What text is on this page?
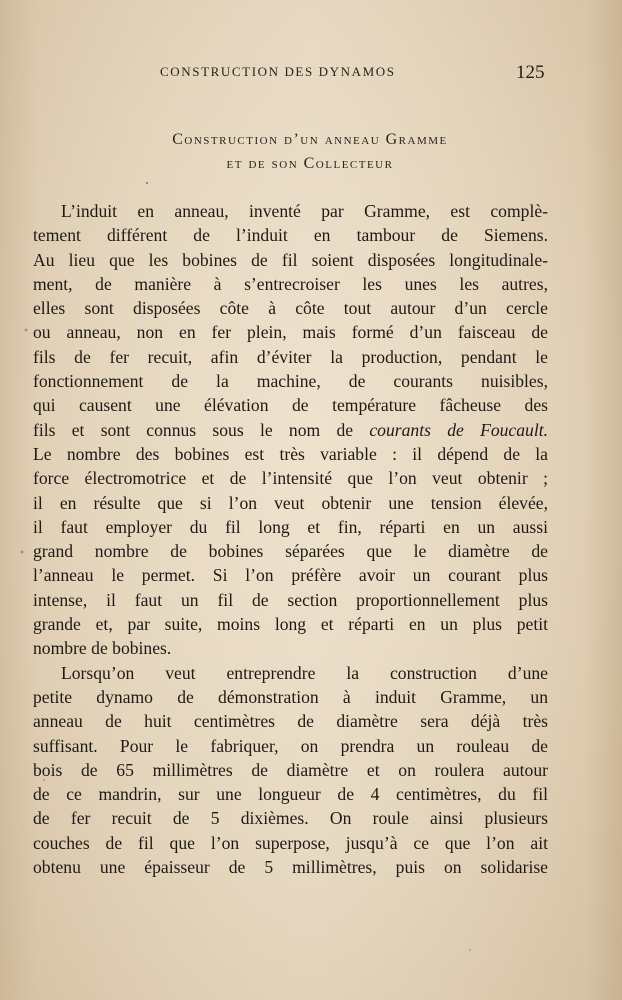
CONSTRUCTION DES DYNAMOS	125
Construction d’un anneau Gramme
et de son Collecteur
L’induit en anneau, inventé par Gramme, est complè-
tement différent de l’induit en tambour de Siemens.
Au lieu que les bobines de fil soient disposées longitudinale-
ment, de manière à s’entrecroiser les unes les autres,
elles sont disposées côte à côte tout autour d’un cercle
ou anneau, non en fer plein, mais formé d’un faisceau de
fils de fer recuit, afin d’éviter la production, pendant le
fonctionnement de la machine, de courants nuisibles,
qui causent une élévation de température fâcheuse des
fils et sont connus sous le nom de courants de Foucault.
Le nombre des bobines est très variable : il dépend de la
force électromotrice et de l’intensité que l’on veut obtenir ;
il en résulte que si l’on veut obtenir une tension élevée,
il faut employer du fil long et fin, réparti en un aussi
grand nombre de bobines séparées que le diamètre de
l’anneau le permet. Si l’on préfère avoir un courant plus
intense, il faut un fil de section proportionnellement plus
grande et, par suite, moins long et réparti en un plus petit
nombre de bobines.
Lorsqu’on veut entreprendre la construction d’une
petite dynamo de démonstration à induit Gramme, un
anneau de huit centimètres de diamètre sera déjà très
suffisant. Pour le fabriquer, on prendra un rouleau de
bois de 65 millimètres de diamètre et on roulera autour
de ce mandrin, sur une longueur de 4 centimètres, du fil
de fer recuit de 5 dixièmes. On roule ainsi plusieurs
couches de fil que l’on superpose, jusqu’à ce que l’on ait
obtenu une épaisseur de 5 millimètres, puis on solidarise
